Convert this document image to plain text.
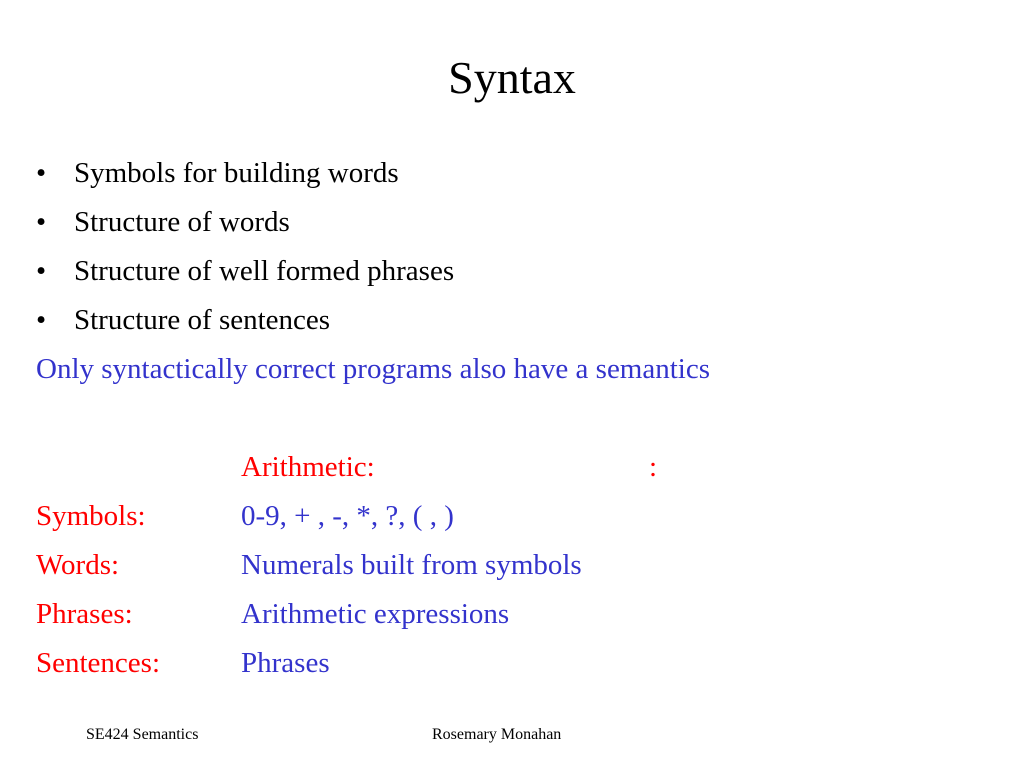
Syntax
• Symbols for building words
• Structure of words
• Structure of well formed phrases
• Structure of sentences
Only syntactically correct programs also have a semantics
Arithmetic:	:
Symbols:	0-9, + , -, *, ?, ( , )
Words:	Numerals built from symbols
Phrases:	Arithmetic expressions
Sentences:	Phrases
SE424 Semantics	Rosemary Monahan
